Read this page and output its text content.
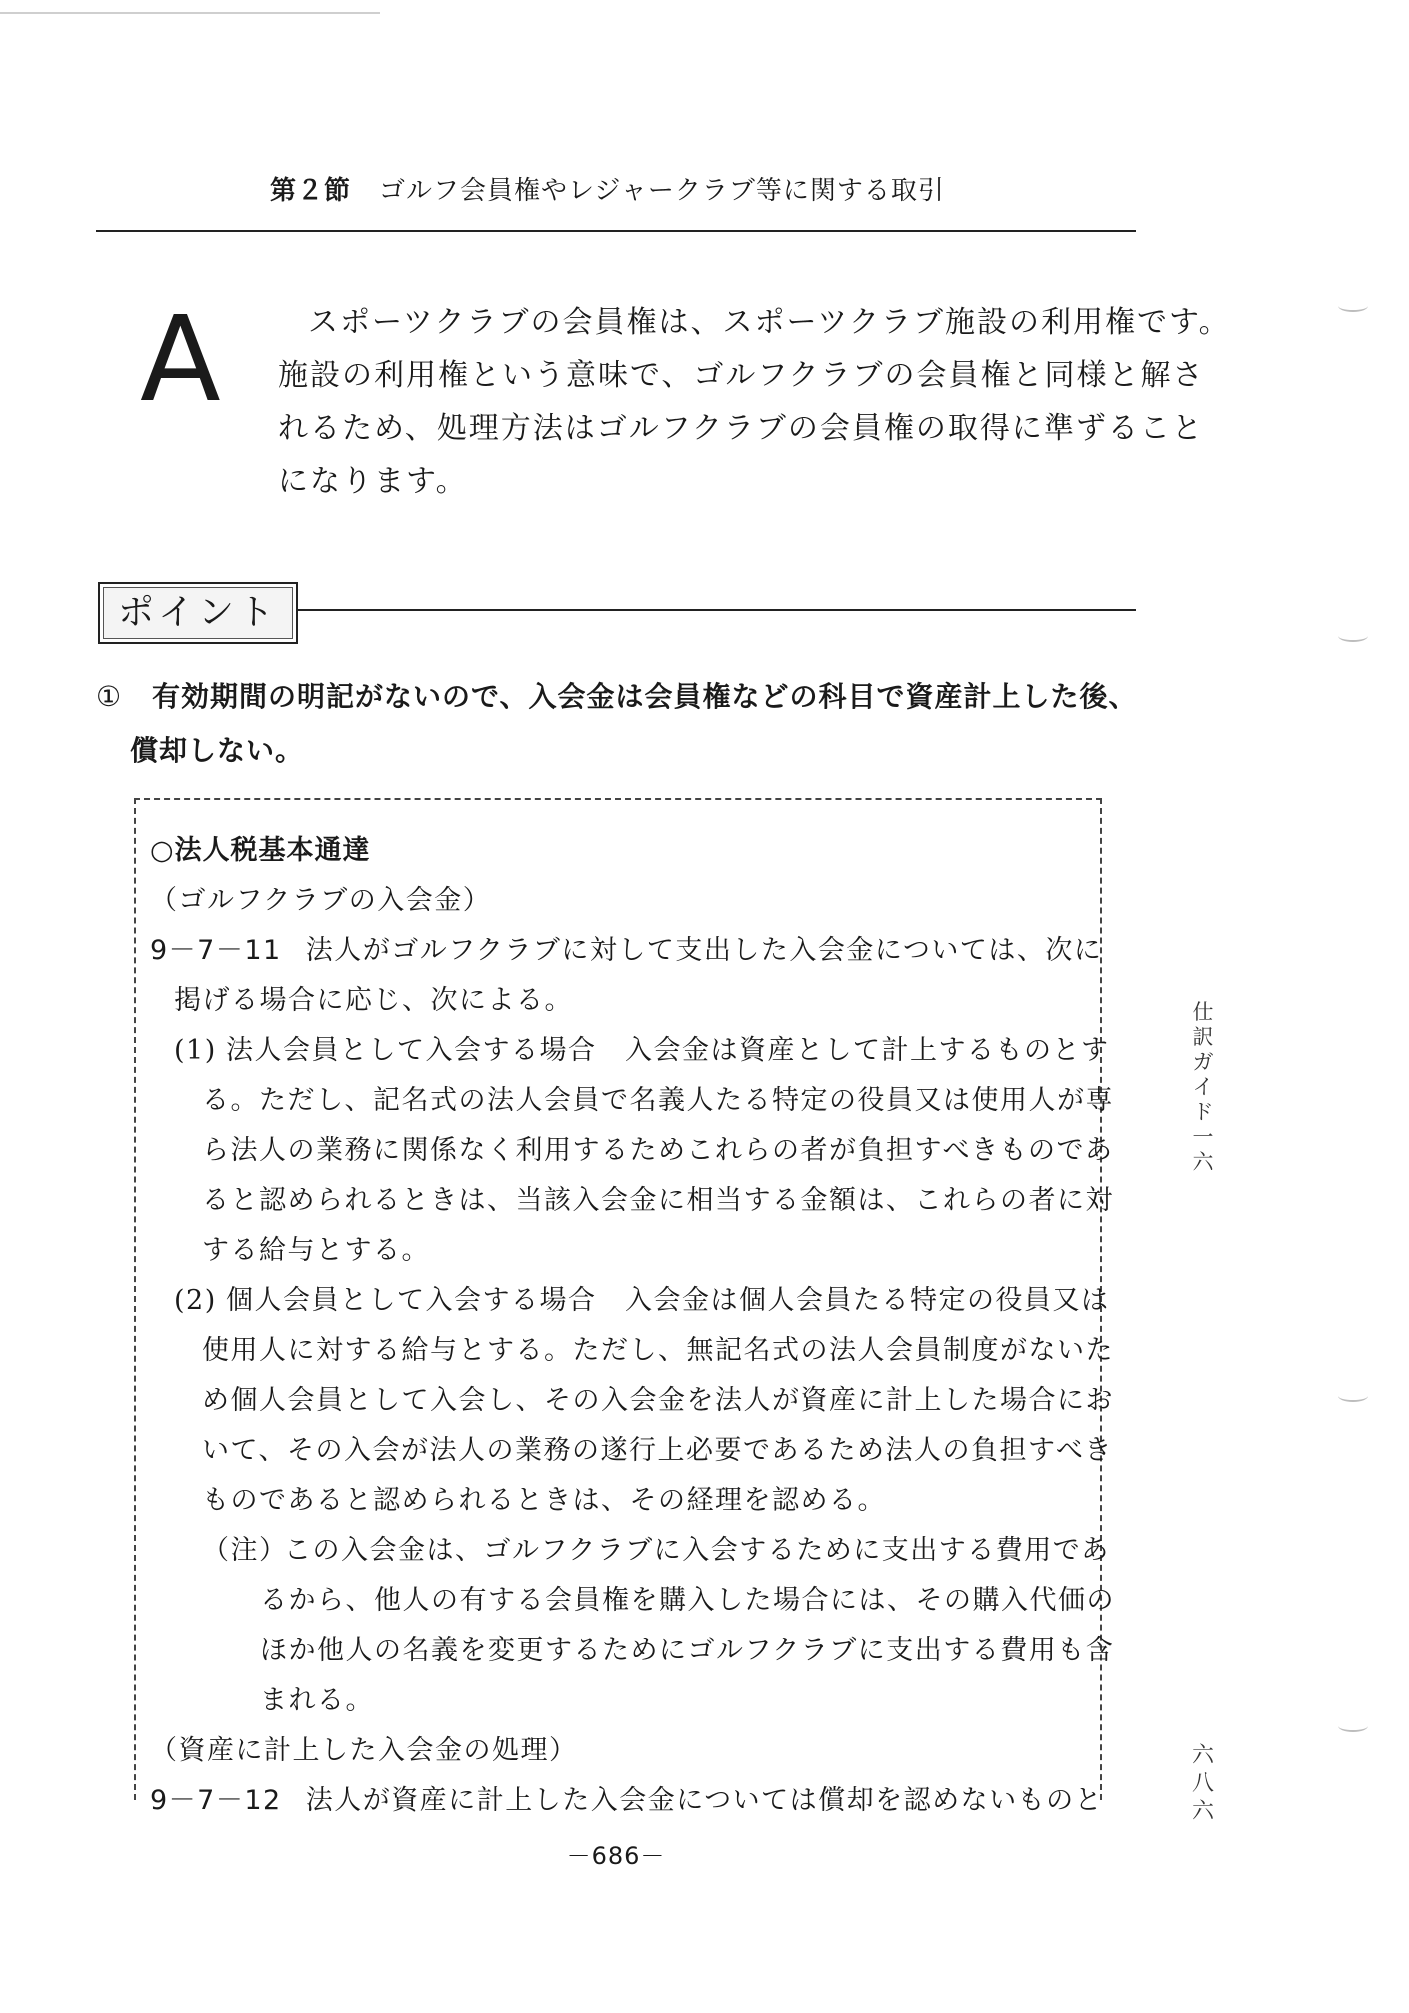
第２節 ゴルフ会員権やレジャークラブ等に関する取引
A	スポーツクラブの会員権は、スポーツクラブ施設の利用権です。
施設の利用権という意味で、ゴルフクラブの会員権と同様と解さ
れるため、処理方法はゴルフクラブの会員権の取得に準ずること
になります。
ポイント
① 有効期間の明記がないので、入会金は会員権などの科目で資産計上した後、
償却しない。
○法人税基本通達
（ゴルフクラブの入会金）
9－7－11 法人がゴルフクラブに対して支出した入会金については、次に
掲げる場合に応じ、次による。
(1) 法人会員として入会する場合　入会金は資産として計上するものとす
る。ただし、記名式の法人会員で名義人たる特定の役員又は使用人が専
ら法人の業務に関係なく利用するためこれらの者が負担すべきものであ
ると認められるときは、当該入会金に相当する金額は、これらの者に対
する給与とする。
(2) 個人会員として入会する場合　入会金は個人会員たる特定の役員又は
使用人に対する給与とする。ただし、無記名式の法人会員制度がないた
め個人会員として入会し、その入会金を法人が資産に計上した場合にお
いて、その入会が法人の業務の遂行上必要であるため法人の負担すべき
ものであると認められるときは、その経理を認める。
（注）この入会金は、ゴルフクラブに入会するために支出する費用であ
るから、他人の有する会員権を購入した場合には、その購入代価の
ほか他人の名義を変更するためにゴルフクラブに支出する費用も含
まれる。
（資産に計上した入会金の処理）
9－7－12 法人が資産に計上した入会金については償却を認めないものと
仕
訳
ガ
イ
ド
一
六
六
八
六
－686－
